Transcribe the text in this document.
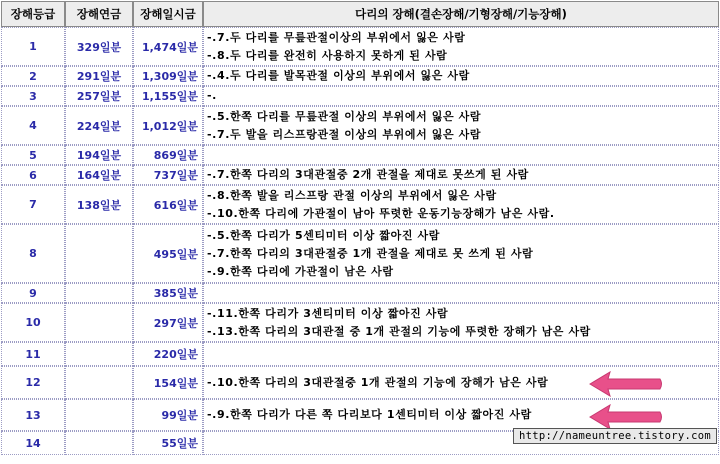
장해등급	장해연금	장해일시금	다리의 장해(결손장해/기형장해/기능장해)
1	329일분	1,474일분	-.7.두 다리를 무릎관절이상의 부위에서 잃은 사람
-.8.두 다리를 완전히 사용하지 못하게 된 사람

2	291일분	1,309일분	-.4.두 다리를 발목관절 이상의 부위에서 잃은 사람

3	257일분	1,155일분	-.

4	224일분	1,012일분	-.5.한쪽 다리를 무릎관절 이상의 부위에서 잃은 사람
-.7.두 발을 리스프랑관절 이상의 부위에서 잃은 사람

5	194일분	869일분	

6	164일분	737일분	-.7.한쪽 다리의 3대관절중 2개 관절을 제대로 못쓰게 된 사람

7	138일분	616일분	-.8.한쪽 발을 리스프랑 관절 이상의 부위에서 잃은 사람
-.10.한쪽 다리에 가관절이 남아 뚜렷한 운동기능장해가 남은 사람.

8		495일분	-.5.한쪽 다리가 5센티미터 이상 짧아진 사람
-.7.한쪽 다리의 3대관절중 1개 관절을 제대로 못 쓰게 된 사람
-.9.한쪽 다리에 가관절이 남은 사람

9		385일분	

10		297일분	-.11.한쪽 다리가 3센티미터 이상 짧아진 사람
-.13.한쪽 다리의 3대관절 중 1개 관절의 기능에 뚜렷한 장해가 남은 사람

11		220일분	

12		154일분	-.10.한쪽 다리의 3대관절중 1개 관절의 기능에 장해가 남은 사람

13		99일분	-.9.한쪽 다리가 다른 쪽 다리보다 1센티미터 이상 짧아진 사람

14		55일분	
http://nameuntree.tistory.com
